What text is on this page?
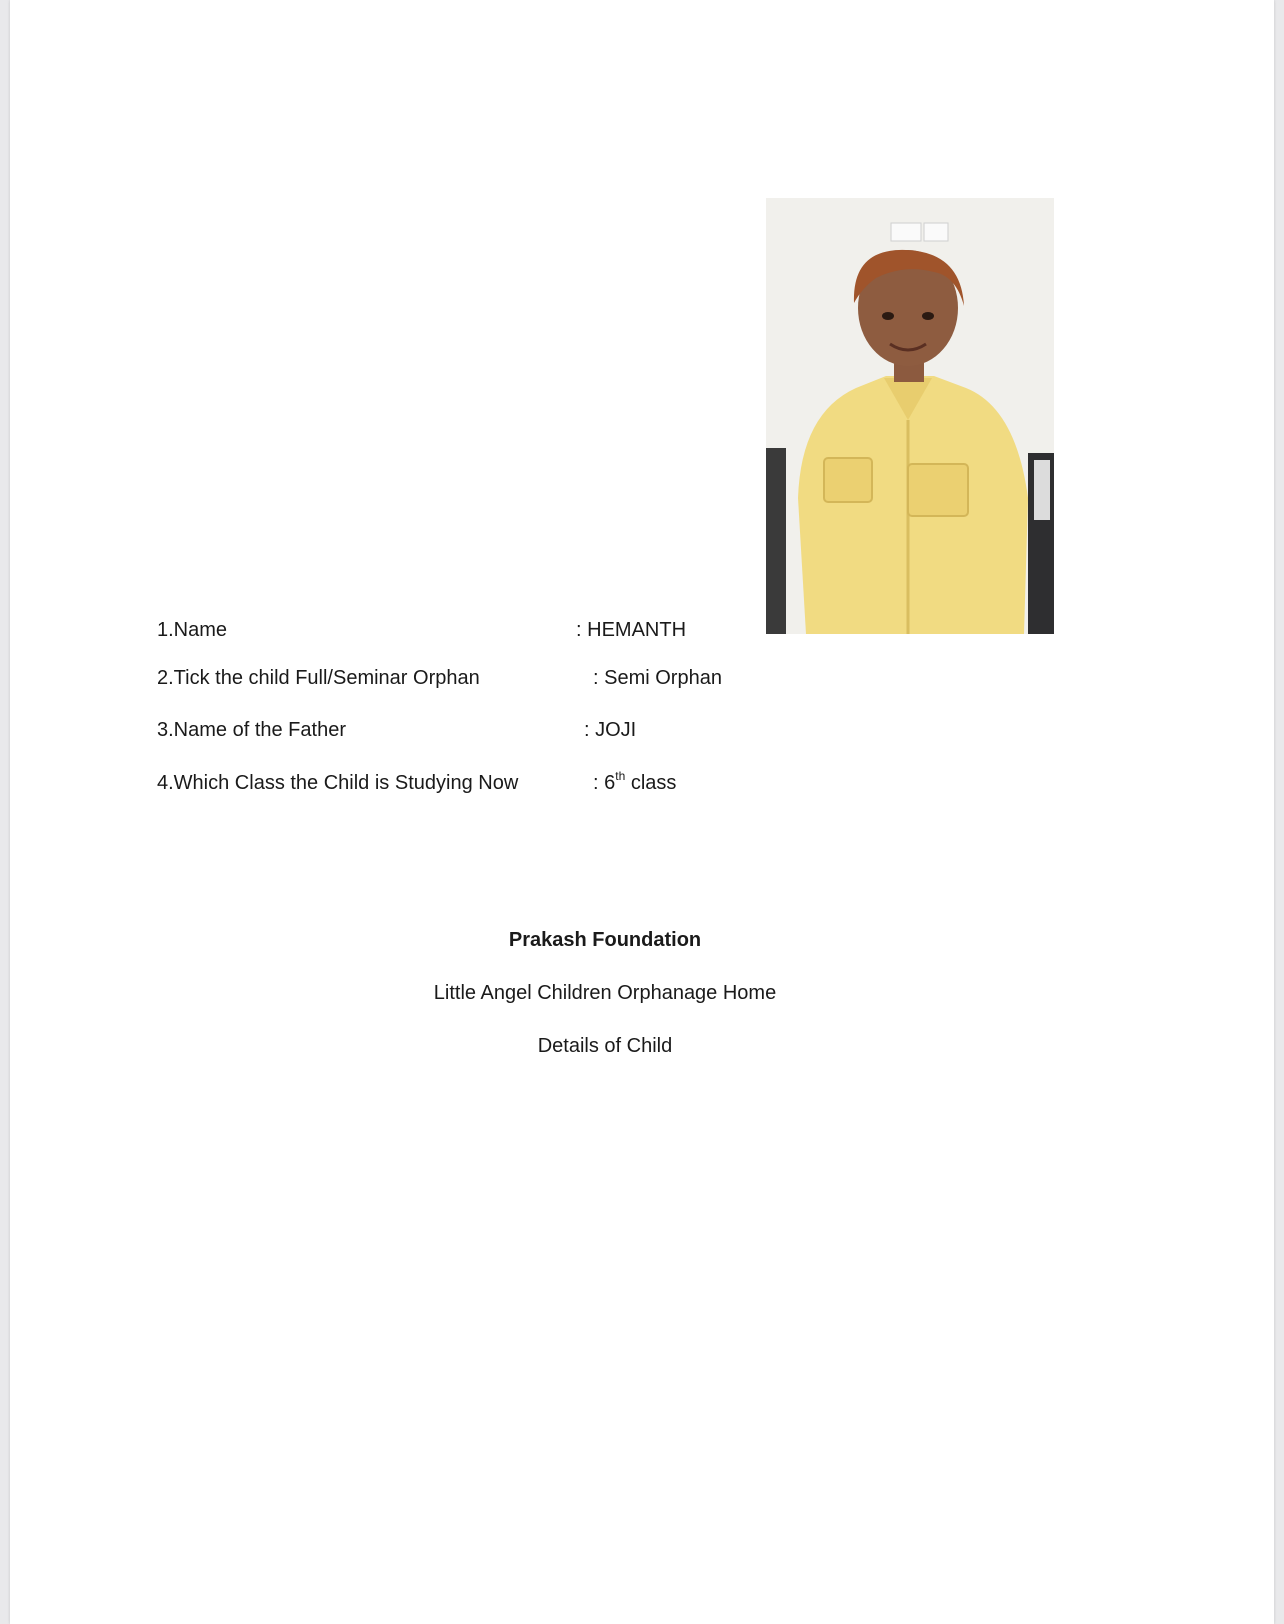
1.Name	: HEMANTH
2.Tick the child Full/Seminar Orphan	: Semi Orphan
3.Name of the Father	: JOJI
4.Which Class the Child is Studying Now	: 6th class
Prakash Foundation
Little Angel Children Orphanage Home
Details of Child
